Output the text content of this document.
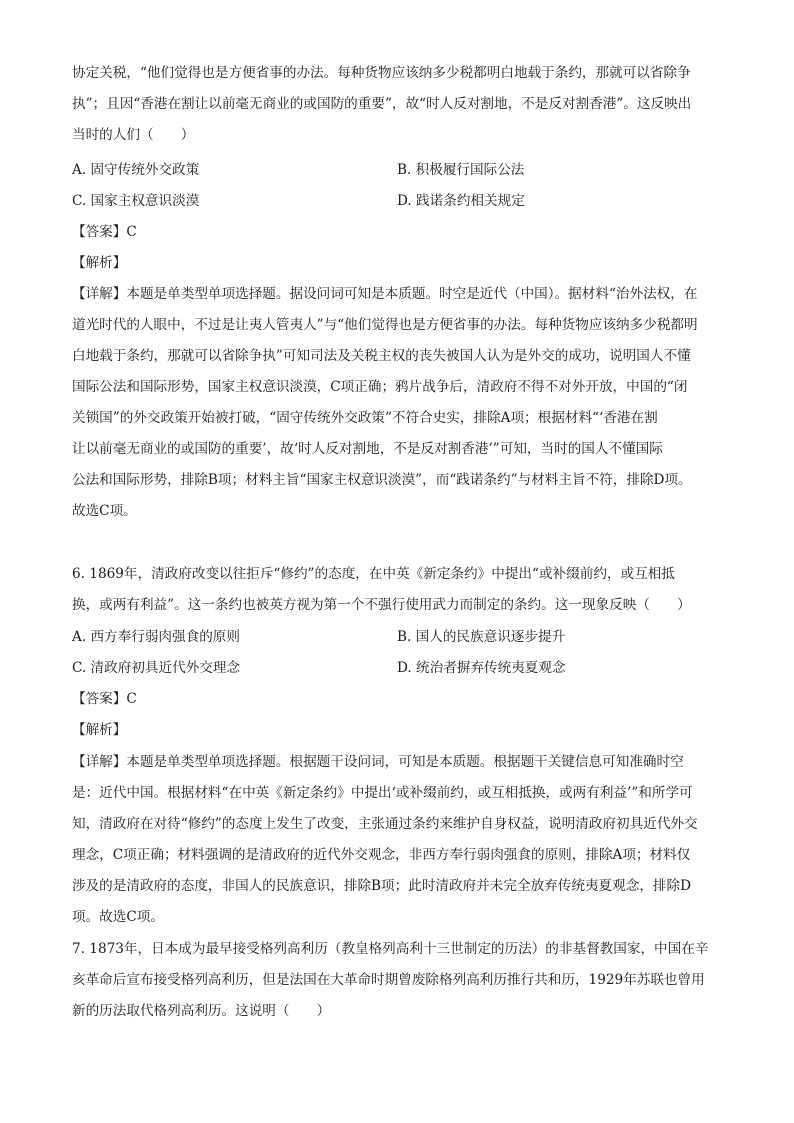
协定关税，“他们觉得也是方便省事的办法。每种货物应该纳多少税都明白地载于条约，那就可以省除争
执”；且因“香港在割让以前毫无商业的或国防的重要”，故“时人反对割地，不是反对割香港”。这反映出
当时的人们（　　）
A. 固守传统外交政策	B. 积极履行国际公法
C. 国家主权意识淡漠	D. 践诺条约相关规定
【答案】C
【解析】
【详解】本题是单类型单项选择题。据设问词可知是本质题。时空是近代（中国）。据材料“治外法权，在
道光时代的人眼中，不过是让夷人管夷人”与“他们觉得也是方便省事的办法。每种货物应该纳多少税都明
白地载于条约，那就可以省除争执”可知司法及关税主权的丧失被国人认为是外交的成功，说明国人不懂
国际公法和国际形势，国家主权意识淡漠，C项正确；鸦片战争后，清政府不得不对外开放，中国的“闭
关锁国”的外交政策开始被打破，“固守传统外交政策”不符合史实，排除A项；根据材料“‘香港在割
让以前毫无商业的或国防的重要’，故‘时人反对割地，不是反对割香港’”可知，当时的国人不懂国际
公法和国际形势，排除B项；材料主旨“国家主权意识淡漠”，而“践诺条约”与材料主旨不符，排除D项。
故选C项。
6. 1869年，清政府改变以往拒斥“修约”的态度，在中英《新定条约》中提出“或补缀前约，或互相抵
换，或两有利益”。这一条约也被英方视为第一个不强行使用武力而制定的条约。这一现象反映（　　）
A. 西方奉行弱肉强食的原则	B. 国人的民族意识逐步提升
C. 清政府初具近代外交理念	D. 统治者摒弃传统夷夏观念
【答案】C
【解析】
【详解】本题是单类型单项选择题。根据题干设问词，可知是本质题。根据题干关键信息可知准确时空
是：近代中国。根据材料“在中英《新定条约》中提出‘或补缀前约，或互相抵换，或两有利益’”和所学可
知，清政府在对待“修约”的态度上发生了改变，主张通过条约来维护自身权益，说明清政府初具近代外交
理念，C项正确；材料强调的是清政府的近代外交观念，非西方奉行弱肉强食的原则，排除A项；材料仅
涉及的是清政府的态度，非国人的民族意识，排除B项；此时清政府并未完全放弃传统夷夏观念，排除D
项。故选C项。
7. 1873年，日本成为最早接受格列高利历（教皇格列高利十三世制定的历法）的非基督教国家，中国在辛
亥革命后宣布接受格列高利历，但是法国在大革命时期曾废除格列高利历推行共和历，1929年苏联也曾用
新的历法取代格列高利历。这说明（　　）
